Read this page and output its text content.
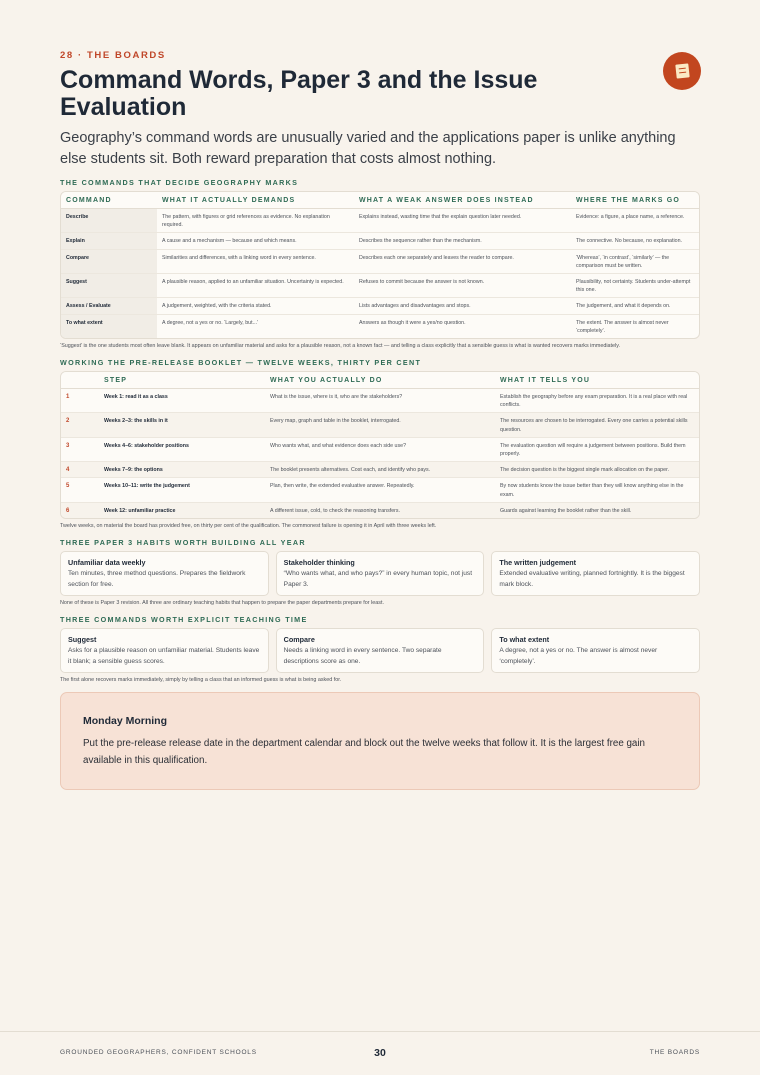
28 · THE BOARDS
Command Words, Paper 3 and the Issue Evaluation

Geography’s command words are unusually varied and the applications paper is unlike anything else students sit. Both reward preparation that costs almost nothing.

THE COMMANDS THAT DECIDE GEOGRAPHY MARKS
COMMAND	WHAT IT ACTUALLY DEMANDS	WHAT A WEAK ANSWER DOES INSTEAD	WHERE THE MARKS GO
Describe	The pattern, with figures or grid references as evidence. No explanation required.	Explains instead, wasting time that the explain question later needed.	Evidence: a figure, a place name, a reference.
Explain	A cause and a mechanism — because and which means.	Describes the sequence rather than the mechanism.	The connective. No because, no explanation.
Compare	Similarities and differences, with a linking word in every sentence.	Describes each one separately and leaves the reader to compare.	‘Whereas’, ‘in contrast’, ‘similarly’ — the comparison must be written.
Suggest	A plausible reason, applied to an unfamiliar situation. Uncertainty is expected.	Refuses to commit because the answer is not known.	Plausibility, not certainty. Students under-attempt this one.
Assess / Evaluate	A judgement, weighted, with the criteria stated.	Lists advantages and disadvantages and stops.	The judgement, and what it depends on.
To what extent	A degree, not a yes or no. ‘Largely, but...’	Answers as though it were a yes/no question.	The extent. The answer is almost never ‘completely’.

‘Suggest’ is the one students most often leave blank. It appears on unfamiliar material and asks for a plausible reason, not a known fact — and telling a class explicitly that a sensible guess is what is wanted recovers marks immediately.

WORKING THE PRE-RELEASE BOOKLET — TWELVE WEEKS, THIRTY PER CENT
	STEP	WHAT YOU ACTUALLY DO	WHAT IT TELLS YOU
1	Week 1: read it as a class	What is the issue, where is it, who are the stakeholders?	Establish the geography before any exam preparation. It is a real place with real conflicts.
2	Weeks 2–3: the skills in it	Every map, graph and table in the booklet, interrogated.	The resources are chosen to be interrogated. Every one carries a potential skills question.
3	Weeks 4–6: stakeholder positions	Who wants what, and what evidence does each side use?	The evaluation question will require a judgement between positions. Build them properly.
4	Weeks 7–9: the options	The booklet presents alternatives. Cost each, and identify who pays.	The decision question is the biggest single mark allocation on the paper.
5	Weeks 10–11: write the judgement	Plan, then write, the extended evaluative answer. Repeatedly.	By now students know the issue better than they will know anything else in the exam.
6	Week 12: unfamiliar practice	A different issue, cold, to check the reasoning transfers.	Guards against learning the booklet rather than the skill.

Twelve weeks, on material the board has provided free, on thirty per cent of the qualification. The commonest failure is opening it in April with three weeks left.

THREE PAPER 3 HABITS WORTH BUILDING ALL YEAR
Unfamiliar data weekly
Ten minutes, three method questions. Prepares the fieldwork section for free.
Stakeholder thinking
“Who wants what, and who pays?” in every human topic, not just Paper 3.
The written judgement
Extended evaluative writing, planned fortnightly. It is the biggest mark block.

None of these is Paper 3 revision. All three are ordinary teaching habits that happen to prepare the paper departments prepare for least.

THREE COMMANDS WORTH EXPLICIT TEACHING TIME
Suggest
Asks for a plausible reason on unfamiliar material. Students leave it blank; a sensible guess scores.
Compare
Needs a linking word in every sentence. Two separate descriptions score as one.
To what extent
A degree, not a yes or no. The answer is almost never ‘completely’.

The first alone recovers marks immediately, simply by telling a class that an informed guess is what is being asked for.

Monday Morning
Put the pre-release release date in the department calendar and block out the twelve weeks that follow it. It is the largest free gain available in this qualification.
GROUNDED GEOGRAPHERS, CONFIDENT SCHOOLS	30	THE BOARDS
